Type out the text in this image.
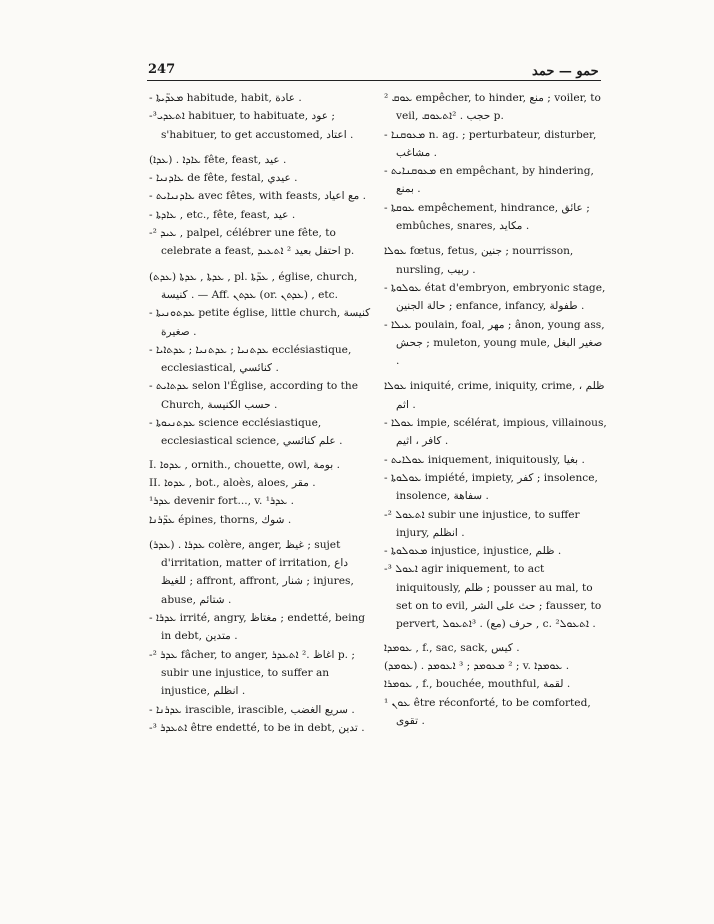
247	حمو — حمد
- ܡܥܕ̈ܝܬܐ habitude, habit, عادة .
-³ܐܬܥܕܝ habituer, to habituate, عود ; s'habituer, to get accustomed, اعتاد .
(ܥܕܐ) . ܥܐܕܐ fête, feast, عيد .
- ܥܐܕܢܝܐ de fête, festal, عيدي .
- ܥܐܕܢܝܐܝܬ avec fêtes, with feasts, مع اعياد .
- ܥܐܕܬܐ , etc., fête, feast, عيد .
-² ܥܝܕ , palpel, célébrer une fête, to celebrate a feast, احتفل بعيد ² ܐܬܥܝܕ p.
(ܥܕܬ) ܥܕܬܐ , ܥܕܬܐ , pl. ܥܕ̈ܬܐ , église, church, كنيسة . — Aff. ܥܕܬܢ (or. ܥܕܬܢ) , etc.
- ܥܕܬܘܢܝܬܐ petite église, little church, كنيسة صغيرة .
- ܥܕܬܢܝܐ ; ܥܕܬܢܝܐ ; ܥܕܬܐܝܐ ecclésiastique, ecclesiastical, كنائسي .
- ܥܕܬܐܝܬ selon l'Église, according to the Church, حسب الكنيسة .
- ܥܕܬܢܝܘܬܐ science ecclésiastique, ecclesiastical science, علم كنائسي .
I. ܥܕܘܐ , ornith., chouette, owl, بومة .
II. ܥܕܘܐ , bot., aloès, aloes, مقر .
¹ܥܕܪ devenir fort..., v. ¹ܥܕܪ .
ܥܕ̈ܪܢܐ épines, thorns, شوك .
(ܥܕܪ) . ܥܕܪܐ colère, anger, غيظ ; sujet d'irritation, matter of irritation, داع للغيظ ; affront, affront, شنار ; injures, abuse, شتائم .
- ܥܕܪܐ irrité, angry, مغتاظ ; endetté, being in debt, متدين .
-² ܥܕܪ fâcher, to anger, اغاظ .² ܐܬܥܕܪ p. ; subir une injustice, to suffer an injustice, انظلم .
- ܥܕܪܢܐ irascible, irascible, سريع الغضب .
-³ ܐܬܥܕܪ être endetté, to be in debt, تدين .
² ܥܘܩ empêcher, to hinder, منع ; voiler, to veil, حجب . ²ܐܬܥܘܩ p.
- ܡܥܘܩܢܐ n. ag. ; perturbateur, disturber, مشاغب .
- ܡܥܘܩܢܐܝܬ en empêchant, by hindering, بمنع .
- ܥܘܩܬܐ empêchement, hindrance, عائق ; embûches, snares, مكايد .
ܥܘܠܐ fœtus, fetus, جنين ; nourrisson, nursling, ربيب .
- ܥܘܠܘܬܐ état d'embryon, embryonic stage, حالة الجنين ; enfance, infancy, طفولة .
- ܥܝܠܐ poulain, foal, مهر ; ânon, young ass, جحش ; muleton, young mule, صغير البغل .
ܥܘܠܐ iniquité, crime, iniquity, crime, ظلم ، اثم .
- ܥܘܠܐ impie, scélérat, impious, villainous, كافر ، اثيم .
- ܥܘܠܐܝܬ iniquement, iniquitously, بغيا .
- ܥܘܠܘܬܐ impiété, impiety, كفر ; insolence, insolence, سفاهة .
-² ܐܬܥܘܠ subir une injustice, to suffer injury, انظلم .
- ܡܥܘܠܘܬܐ injustice, injustice, ظلم .
-³ ܐܥܘܠ agir iniquement, to act iniquitously, ظلم ; pousser au mal, to set on to evil, حث على الشر ; fausser, to pervert, حرف (مع) . ³ܐܬܥܘܠ , c. ²ܐܬܥܘܠ .
ܥܘܡܕܐ , f., sac, sack, كيس .
(ܥܘܡܕ) . ² ܡܥܘܡܕ ; ³ ܐܥܘܡܕ ; v. ܥܘܡܕܐ .
ܥܘܡܪܐ , f., bouchée, mouthful, لقمة .
¹ ܥܘܢ être réconforté, to be comforted, تقوى .
